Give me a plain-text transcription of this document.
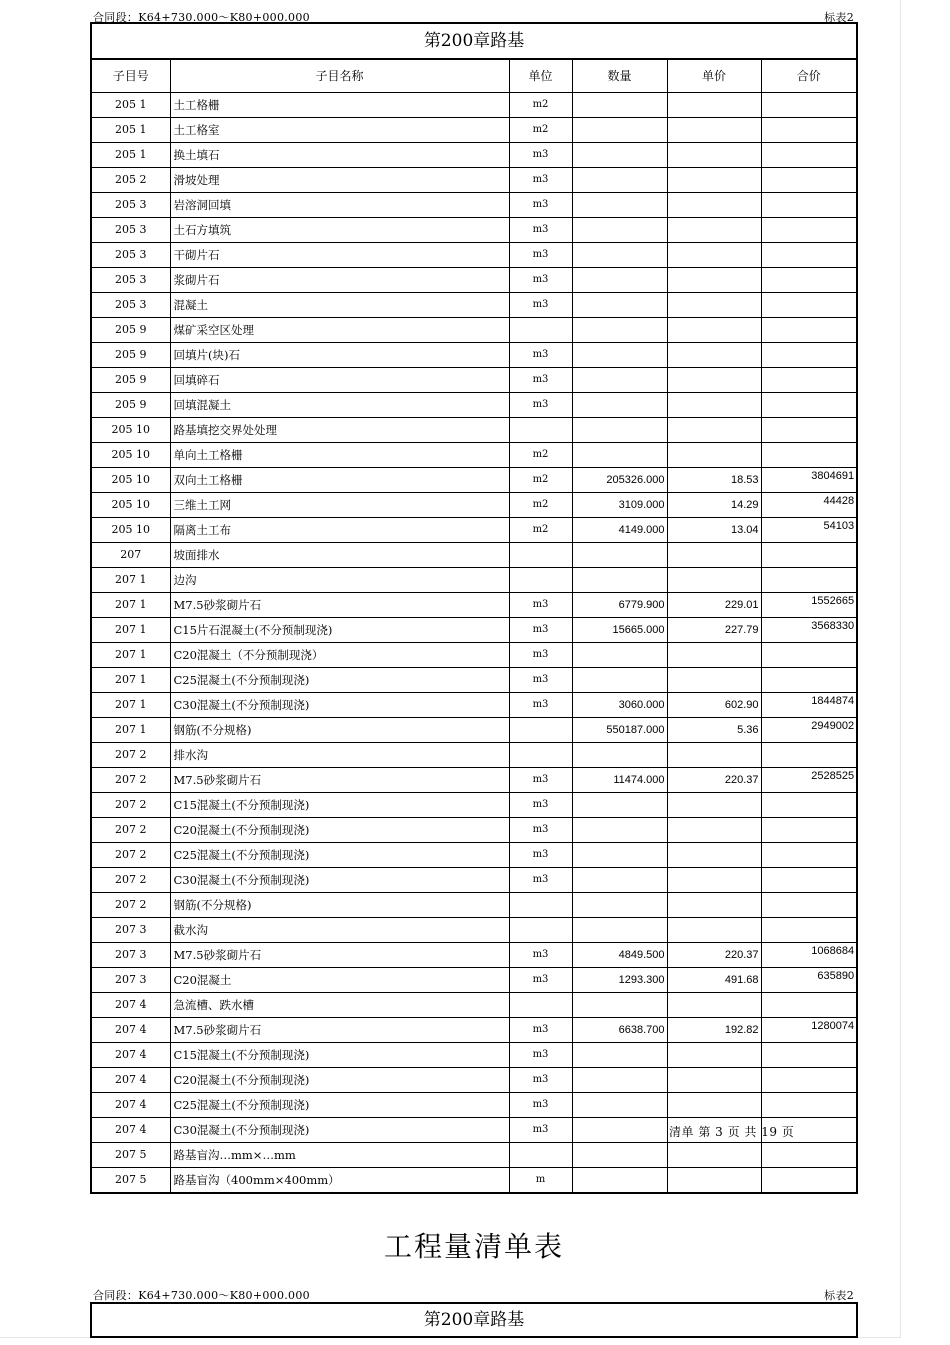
合同段：K64+730.000～K80+000.000	标表2
第200章路基					
子目号	子目名称	单位	数量	单价	合价
205 1	土工格栅	m2			
205 1	土工格室	m2			
205 1	换土填石	m3			
205 2	滑坡处理	m3			
205 3	岩溶洞回填	m3			
205 3	土石方填筑	m3			
205 3	干砌片石	m3			
205 3	浆砌片石	m3			
205 3	混凝土	m3			
205 9	煤矿采空区处理				
205 9	回填片(块)石	m3			
205 9	回填碎石	m3			
205 9	回填混凝土	m3			
205 10	路基填挖交界处处理				
205 10	单向土工格栅	m2			
205 10	双向土工格栅	m2	205326.000	18.53	3804691
205 10	三维土工网	m2	3109.000	14.29	44428
205 10	隔离土工布	m2	4149.000	13.04	54103
207	坡面排水				
207 1	边沟				
207 1	M7.5砂浆砌片石	m3	6779.900	229.01	1552665
207 1	C15片石混凝土(不分预制现浇)	m3	15665.000	227.79	3568330
207 1	C20混凝土（不分预制现浇）	m3			
207 1	C25混凝土(不分预制现浇)	m3			
207 1	C30混凝土(不分预制现浇)	m3	3060.000	602.90	1844874
207 1	钢筋(不分规格)		550187.000	5.36	2949002
207 2	排水沟				
207 2	M7.5砂浆砌片石	m3	11474.000	220.37	2528525
207 2	C15混凝土(不分预制现浇)	m3			
207 2	C20混凝土(不分预制现浇)	m3			
207 2	C25混凝土(不分预制现浇)	m3			
207 2	C30混凝土(不分预制现浇)	m3			
207 2	钢筋(不分规格)				
207 3	截水沟				
207 3	M7.5砂浆砌片石	m3	4849.500	220.37	1068684
207 3	C20混凝土	m3	1293.300	491.68	635890
207 4	急流槽、跌水槽				
207 4	M7.5砂浆砌片石	m3	6638.700	192.82	1280074
207 4	C15混凝土(不分预制现浇)	m3			
207 4	C20混凝土(不分预制现浇)	m3			
207 4	C25混凝土(不分预制现浇)	m3			
207 4	C30混凝土(不分预制现浇)	m3			
207 5	路基盲沟…mm×…mm				
207 5	路基盲沟（400mm×400mm）	m			
清单 第 3 页 共 19 页
工程量清单表
合同段：K64+730.000～K80+000.000	标表2
第200章路基
